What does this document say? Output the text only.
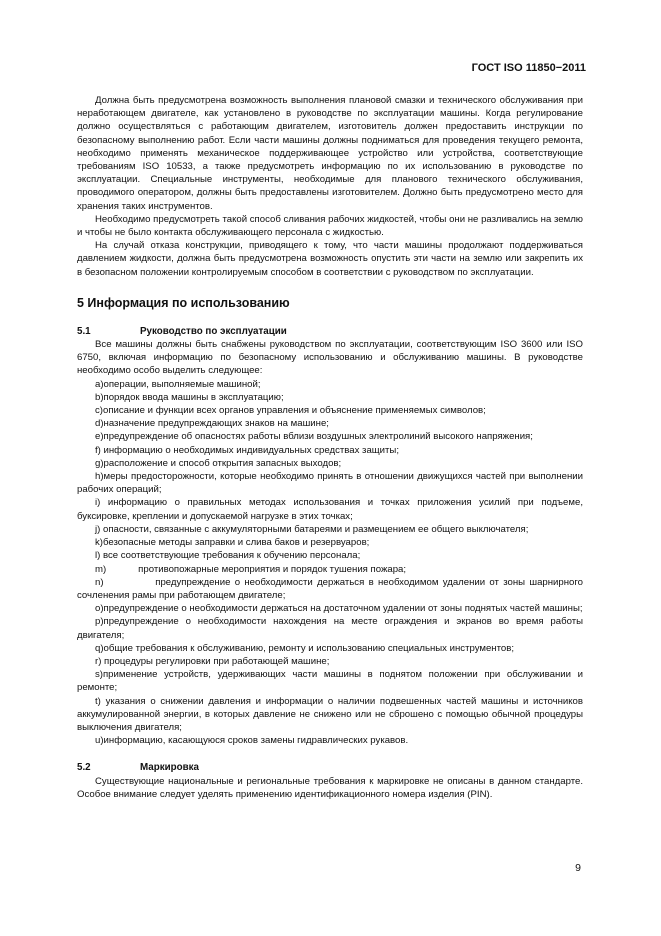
ГОСТ ISO 11850−2011

Должна быть предусмотрена возможность выполнения плановой смазки и технического обслуживания при неработающем двигателе, как установлено в руководстве по эксплуатации машины. Когда регулирование должно осуществляться с работающим двигателем, изготовитель должен предоставить инструкции по безопасному выполнению работ. Если части машины должны подниматься для проведения текущего ремонта, необходимо применять механическое поддерживающее устройство или устройства, соответствующие требованиям ISO 10533, а также предусмотреть информацию по их использованию в руководстве по эксплуатации. Специальные инструменты, необходимые для планового технического обслуживания, проводимого оператором, должны быть предоставлены изготовителем. Должно быть предусмотрено место для хранения таких инструментов.

Необходимо предусмотреть такой способ сливания рабочих жидкостей, чтобы они не разливались на землю и чтобы не было контакта обслуживающего персонала с жидкостью.

На случай отказа конструкции, приводящего к тому, что части машины продолжают поддерживаться давлением жидкости, должна быть предусмотрена возможность опустить эти части на землю или закрепить их в безопасном положении контролируемым способом в соответствии с руководством по эксплуатации.

5 Информация по использованию
5.1	Руководство по эксплуатации

Все машины должны быть снабжены руководством по эксплуатации, соответствующим ISO 3600 или ISO 6750, включая информацию по безопасному использованию и обслуживанию машины. В руководстве необходимо особо выделить следующее:

a)операции, выполняемые машиной;

b)порядок ввода машины в эксплуатацию;

c)описание и функции всех органов управления и объяснение применяемых символов;

d)назначение предупреждающих знаков на машине;

e)предупреждение об опасностях работы вблизи воздушных электролиний высокого напряжения;

f) информацию о необходимых индивидуальных средствах защиты;

g)расположение и способ открытия запасных выходов;

h)меры предосторожности, которые необходимо принять в отношении движущихся частей при выполнении рабочих операций;

i) информацию о правильных методах использования и точках приложения усилий при подъеме, буксировке, креплении и допускаемой нагрузке в этих точках;

j) опасности, связанные с аккумуляторными батареями и размещением ее общего выключателя;

k)безопасные методы заправки и слива баков и резервуаров;

l) все соответствующие требования к обучению персонала;

m)            противопожарные мероприятия и порядок тушения пожара;

n)            предупреждение о необходимости держаться в необходимом удалении от зоны шарнирного сочленения рамы при работающем двигателе;

o)предупреждение о необходимости держаться на достаточном удалении от зоны поднятых частей машины;

p)предупреждение о необходимости нахождения на месте ограждения и экранов во время работы двигателя;

q)общие требования к обслуживанию, ремонту и использованию специальных инструментов;

r) процедуры регулировки при работающей машине;

s)применение устройств, удерживающих части машины в поднятом положении при обслуживании и ремонте;

t) указания о снижении давления и информации о наличии подвешенных частей машины и источников аккумулированной энергии, в которых давление не снижено или не сброшено с помощью обычной процедуры выключения двигателя;

u)информацию, касающуюся сроков замены гидравлических рукавов.

5.2	Маркировка

Существующие национальные и региональные требования к маркировке не описаны в данном стандарте. Особое внимание следует уделять применению идентификационного номера изделия (PIN).

9
